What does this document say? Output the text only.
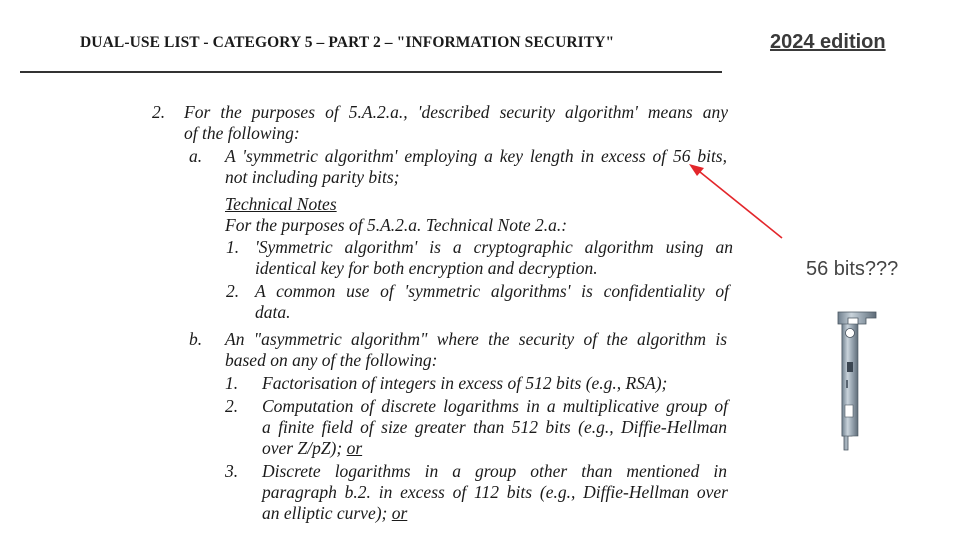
DUAL-USE LIST - CATEGORY 5 – PART 2 – "INFORMATION SECURITY"	2024 edition
2. For the purposes of 5.A.2.a., 'described security algorithm' means any
of the following:
a. A 'symmetric algorithm' employing a key length in excess of 56 bits,
not including parity bits;
Technical Notes
For the purposes of 5.A.2.a. Technical Note 2.a.:
1. 'Symmetric algorithm' is a cryptographic algorithm using an
identical key for both encryption and decryption.
2. A common use of 'symmetric algorithms' is confidentiality of
data.
b. An "asymmetric algorithm" where the security of the algorithm is
based on any of the following:
1. Factorisation of integers in excess of 512 bits (e.g., RSA);
2. Computation of discrete logarithms in a multiplicative group of
a finite field of size greater than 512 bits (e.g., Diffie-Hellman
over Z/pZ); or
3. Discrete logarithms in a group other than mentioned in
paragraph b.2. in excess of 112 bits (e.g., Diffie-Hellman over
an elliptic curve); or
56 bits???
